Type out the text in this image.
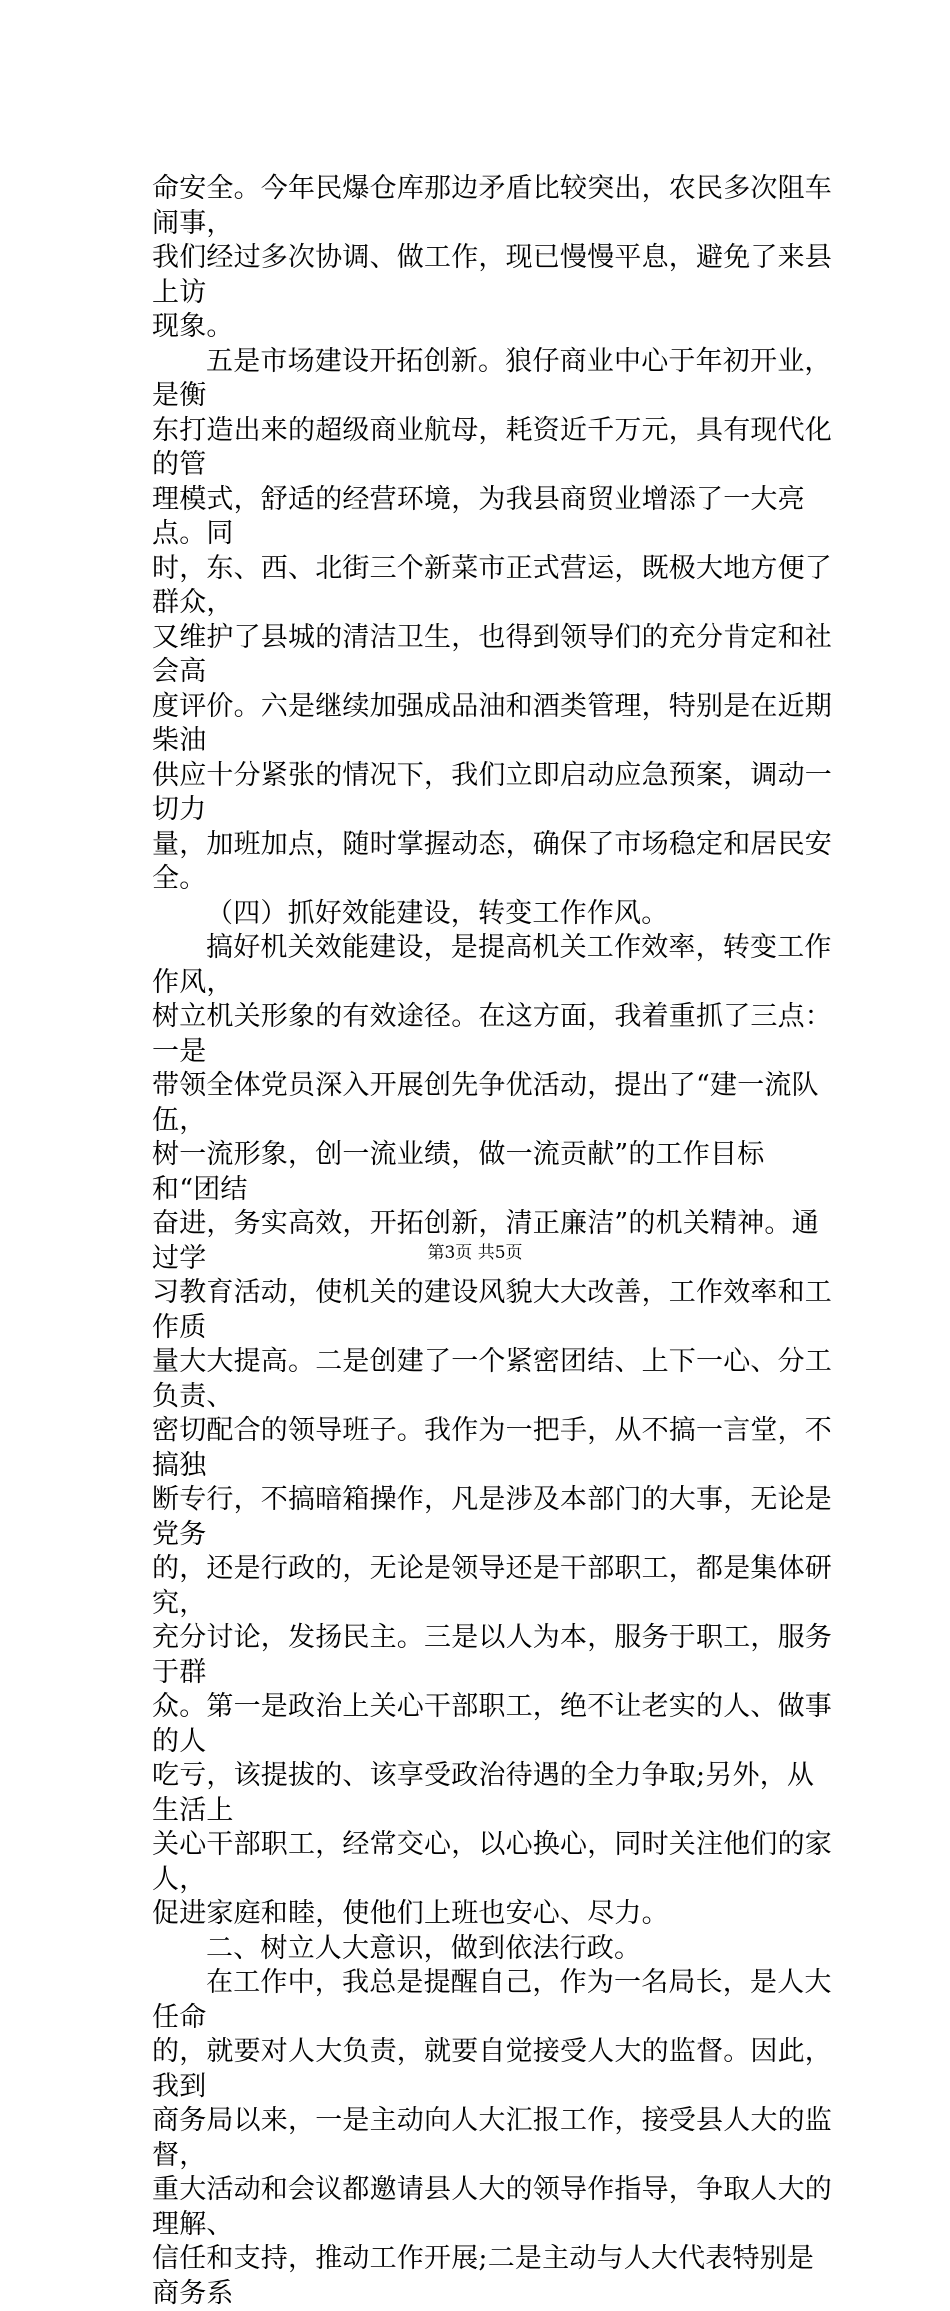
命安全。今年民爆仓库那边矛盾比较突出，农民多次阻车闹事，
我们经过多次协调、做工作，现已慢慢平息，避免了来县上访
现象。

五是市场建设开拓创新。狼仔商业中心于年初开业，是衡
东打造出来的超级商业航母，耗资近千万元，具有现代化的管
理模式，舒适的经营环境，为我县商贸业增添了一大亮点。同
时，东、西、北街三个新菜市正式营运，既极大地方便了群众，
又维护了县城的清洁卫生，也得到领导们的充分肯定和社会高
度评价。六是继续加强成品油和酒类管理，特别是在近期柴油
供应十分紧张的情况下，我们立即启动应急预案，调动一切力
量，加班加点，随时掌握动态，确保了市场稳定和居民安全。

（四）抓好效能建设，转变工作作风。

搞好机关效能建设，是提高机关工作效率，转变工作作风，
树立机关形象的有效途径。在这方面，我着重抓了三点：一是
带领全体党员深入开展创先争优活动，提出了“建一流队伍，
树一流形象，创一流业绩，做一流贡献”的工作目标和“团结
奋进，务实高效，开拓创新，清正廉洁”的机关精神。通过学
习教育活动，使机关的建设风貌大大改善，工作效率和工作质
量大大提高。二是创建了一个紧密团结、上下一心、分工负责、
密切配合的领导班子。我作为一把手，从不搞一言堂，不搞独
断专行，不搞暗箱操作，凡是涉及本部门的大事，无论是党务
的，还是行政的，无论是领导还是干部职工，都是集体研究，
充分讨论，发扬民主。三是以人为本，服务于职工，服务于群
众。第一是政治上关心干部职工，绝不让老实的人、做事的人
吃亏，该提拔的、该享受政治待遇的全力争取;另外，从生活上
关心干部职工，经常交心，以心换心，同时关注他们的家人，
促进家庭和睦，使他们上班也安心、尽力。

二、树立人大意识，做到依法行政。

在工作中，我总是提醒自己，作为一名局长，是人大任命
的，就要对人大负责，就要自觉接受人大的监督。因此，我到
商务局以来，一是主动向人大汇报工作，接受县人大的监督，
重大活动和会议都邀请县人大的领导作指导，争取人大的理解、
信任和支持，推动工作开展;二是主动与人大代表特别是商务系

第3页 共5页
